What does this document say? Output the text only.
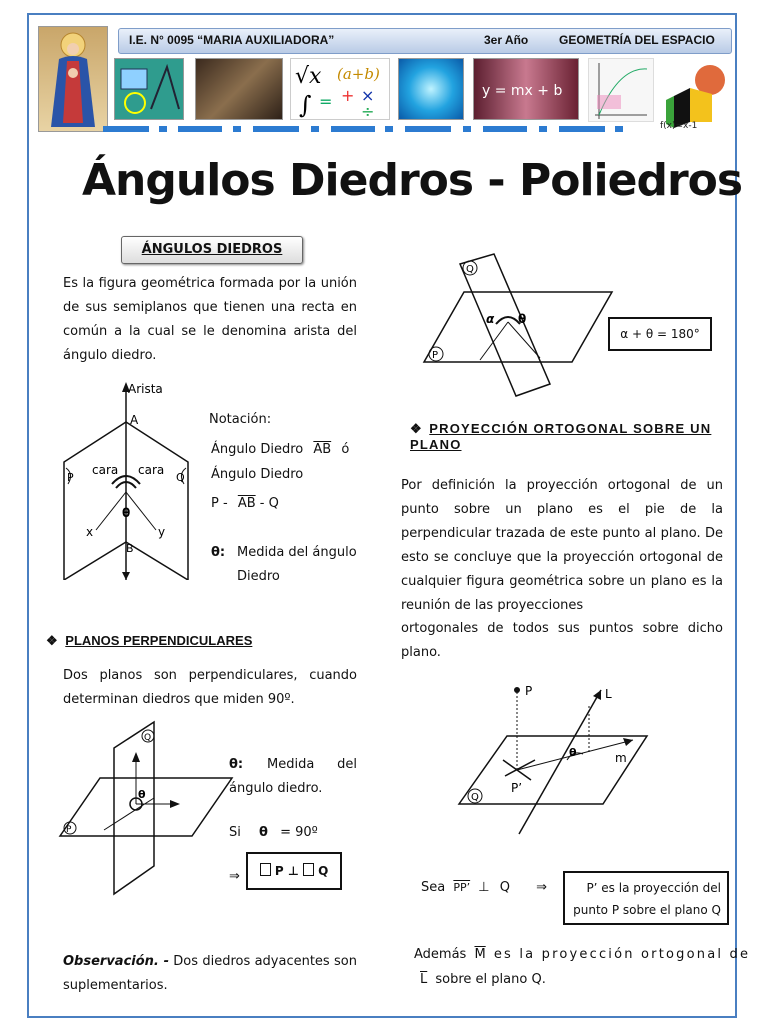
I.E. N° 0095 “MARIA AUXILIADORA”	3er Año	GEOMETRÍA DEL ESPACIO
√x (a+b)
∫ = + ×
÷
y = mx + b
f(x)=x-1
Ángulos Diedros - Poliedros
ÁNGULOS DIEDROS
Es la figura geométrica formada por la unión de sus semiplanos que tienen una recta en común a la cual se le denomina arista del ángulo diedro.
Arista
A
B
cara cara
P	Q
x	y
θ
Notación:
Ángulo Diedro $\overline{AB}$ ó
Ángulo Diedro
P - $\overline{AB}$ - Q
θ: Medida del ángulo Diedro
α θ
P
Q
α + θ = 180°
❖ PROYECCIÓN ORTOGONAL SOBRE UN PLANO
Por definición la proyección ortogonal de un punto sobre un plano es el pie de la perpendicular trazada de este punto al plano. De esto se concluye que la proyección ortogonal de cualquier figura geométrica sobre un plano es la reunión de las proyecciones
ortogonales de todos sus puntos sobre dicho plano.
P	L
P’
m
Q
θ
Sea PP’ ⊥ Q ⇒	P’ es la proyección del punto P sobre el plano Q
Además $\overline{M}$ es la proyección ortogonal de
$\overline{L}$ sobre el plano Q.
❖ PLANOS PERPENDICULARES
Dos planos son perpendiculares, cuando determinan diedros que miden 90º.
θ
P
Q
θ:	Medida del ángulo diedro.
Si θ = 90º
⇒	P ⊥ Q
Observación. - Dos diedros adyacentes son suplementarios.
